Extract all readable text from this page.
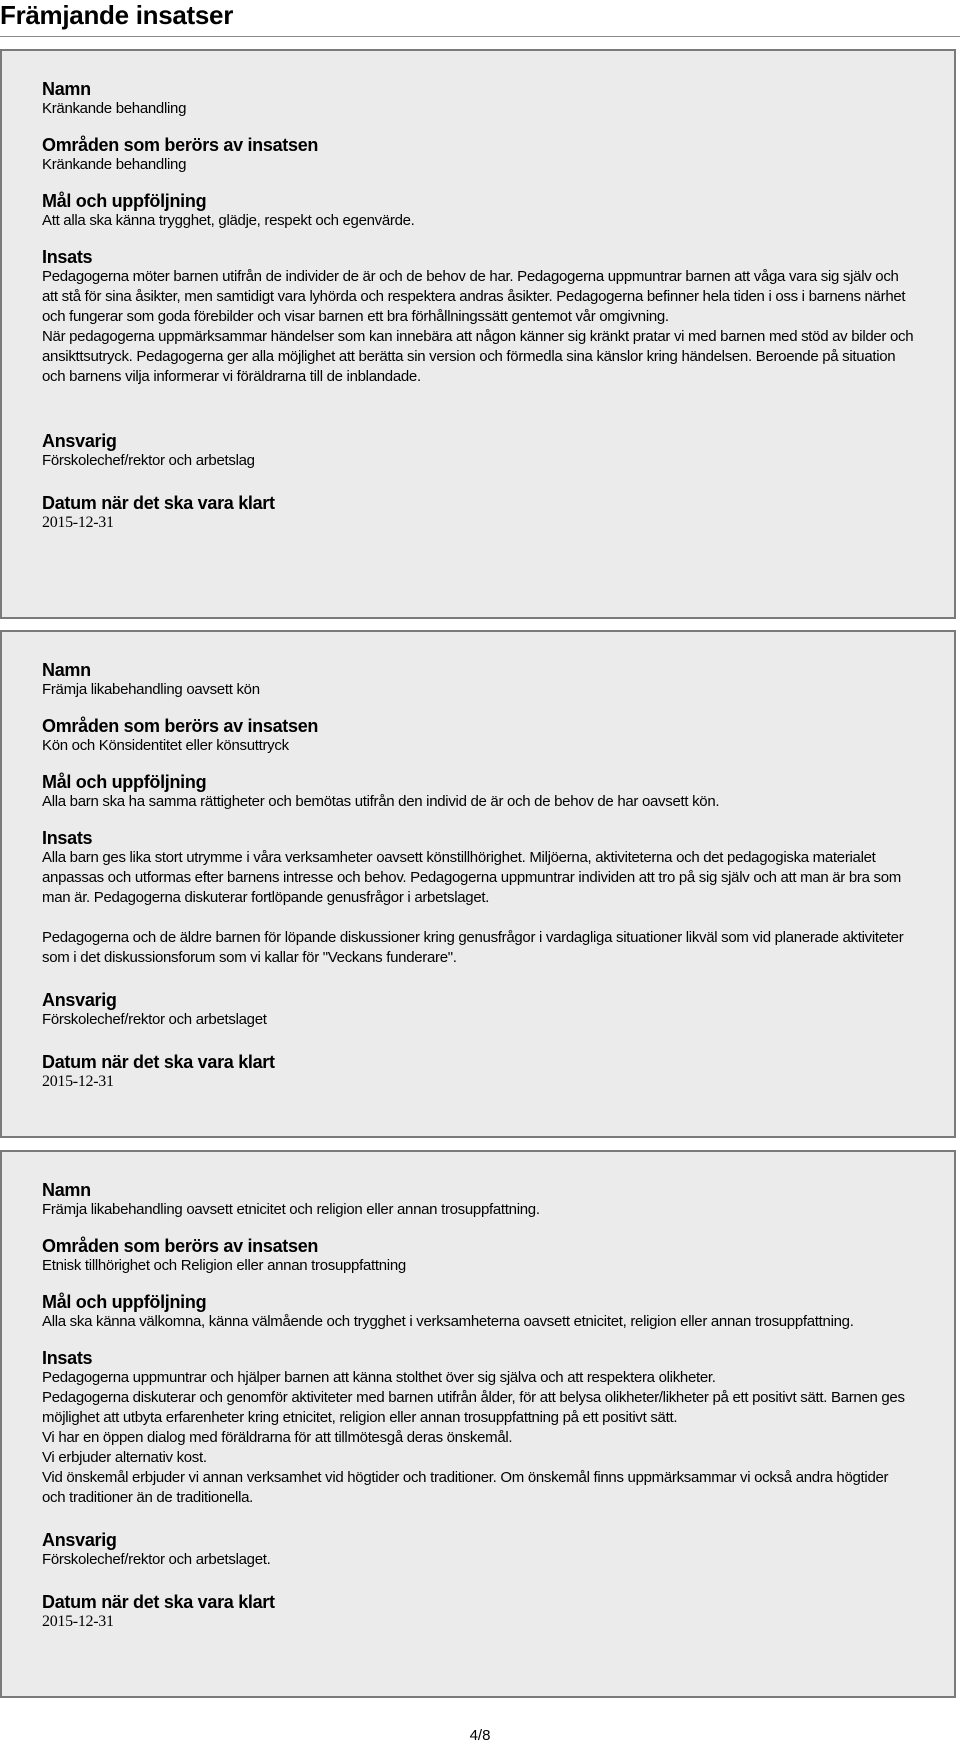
Främjande insatser
Namn
Kränkande behandling
Områden som berörs av insatsen
Kränkande behandling
Mål och uppföljning
Att alla ska känna trygghet, glädje, respekt och egenvärde.
Insats
Pedagogerna möter barnen utifrån de individer de är och de behov de har. Pedagogerna uppmuntrar barnen att våga vara sig själv och att stå för sina åsikter, men samtidigt vara lyhörda och respektera andras åsikter. Pedagogerna befinner hela tiden i oss i barnens närhet och fungerar som goda förebilder och visar barnen ett bra förhållningssätt gentemot vår omgivning.
När pedagogerna uppmärksammar händelser som kan innebära att någon känner sig kränkt pratar vi med barnen med stöd av bilder och ansikttsutryck. Pedagogerna ger alla möjlighet att berätta sin version och förmedla sina känslor kring händelsen. Beroende på situation och barnens vilja informerar vi föräldrarna till de inblandade.
Ansvarig
Förskolechef/rektor och arbetslag
Datum när det ska vara klart
2015-12-31
Namn
Främja likabehandling oavsett kön
Områden som berörs av insatsen
Kön och Könsidentitet eller könsuttryck
Mål och uppföljning
Alla barn ska ha samma rättigheter och bemötas utifrån den individ de är och de behov de har oavsett kön.
Insats
Alla barn ges lika stort utrymme i våra verksamheter oavsett könstillhörighet. Miljöerna, aktiviteterna och det pedagogiska materialet anpassas och utformas efter barnens intresse och behov. Pedagogerna uppmuntrar individen att tro på sig själv och att man är bra som man är. Pedagogerna diskuterar fortlöpande genusfrågor i arbetslaget.
Pedagogerna och de äldre barnen för löpande diskussioner kring genusfrågor i vardagliga situationer likväl som vid planerade aktiviteter som i det diskussionsforum som vi kallar för "Veckans funderare".
Ansvarig
Förskolechef/rektor och arbetslaget
Datum när det ska vara klart
2015-12-31
Namn
Främja likabehandling oavsett etnicitet och religion eller annan trosuppfattning.
Områden som berörs av insatsen
Etnisk tillhörighet och Religion eller annan trosuppfattning
Mål och uppföljning
Alla ska känna välkomna, känna välmående och trygghet i verksamheterna oavsett etnicitet, religion eller annan trosuppfattning.
Insats
Pedagogerna uppmuntrar och hjälper barnen att känna stolthet över sig själva och att respektera olikheter.
Pedagogerna diskuterar och genomför aktiviteter med barnen utifrån ålder, för att belysa olikheter/likheter på ett positivt sätt. Barnen ges möjlighet att utbyta erfarenheter kring etnicitet, religion eller annan trosuppfattning på ett positivt sätt.
Vi har en öppen dialog med föräldrarna för att tillmötesgå deras önskemål.
Vi erbjuder alternativ kost.
Vid önskemål erbjuder vi annan verksamhet vid högtider och traditioner. Om önskemål finns uppmärksammar vi också andra högtider och traditioner än de traditionella.
Ansvarig
Förskolechef/rektor och arbetslaget.
Datum när det ska vara klart
2015-12-31
4/8
